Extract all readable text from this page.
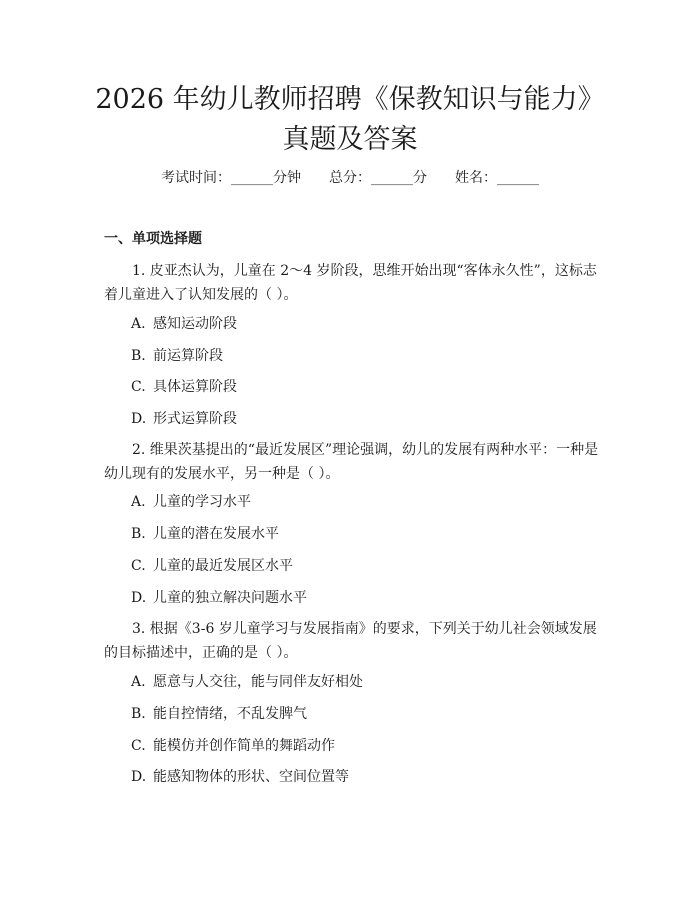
2026 年幼儿教师招聘《保教知识与能力》真题及答案
考试时间：______分钟 总分：______分 姓名：______
一、单项选择题

1. 皮亚杰认为，儿童在 2～4 岁阶段，思维开始出现“客体永久性”，这标志着儿童进入了认知发展的（ ）。

A. 感知运动阶段

B. 前运算阶段

C. 具体运算阶段

D. 形式运算阶段

2. 维果茨基提出的“最近发展区”理论强调，幼儿的发展有两种水平：一种是幼儿现有的发展水平，另一种是（ ）。

A. 儿童的学习水平

B. 儿童的潜在发展水平

C. 儿童的最近发展区水平

D. 儿童的独立解决问题水平

3. 根据《3-6 岁儿童学习与发展指南》的要求，下列关于幼儿社会领域发展的目标描述中，正确的是（ ）。

A. 愿意与人交往，能与同伴友好相处

B. 能自控情绪，不乱发脾气

C. 能模仿并创作简单的舞蹈动作

D. 能感知物体的形状、空间位置等
